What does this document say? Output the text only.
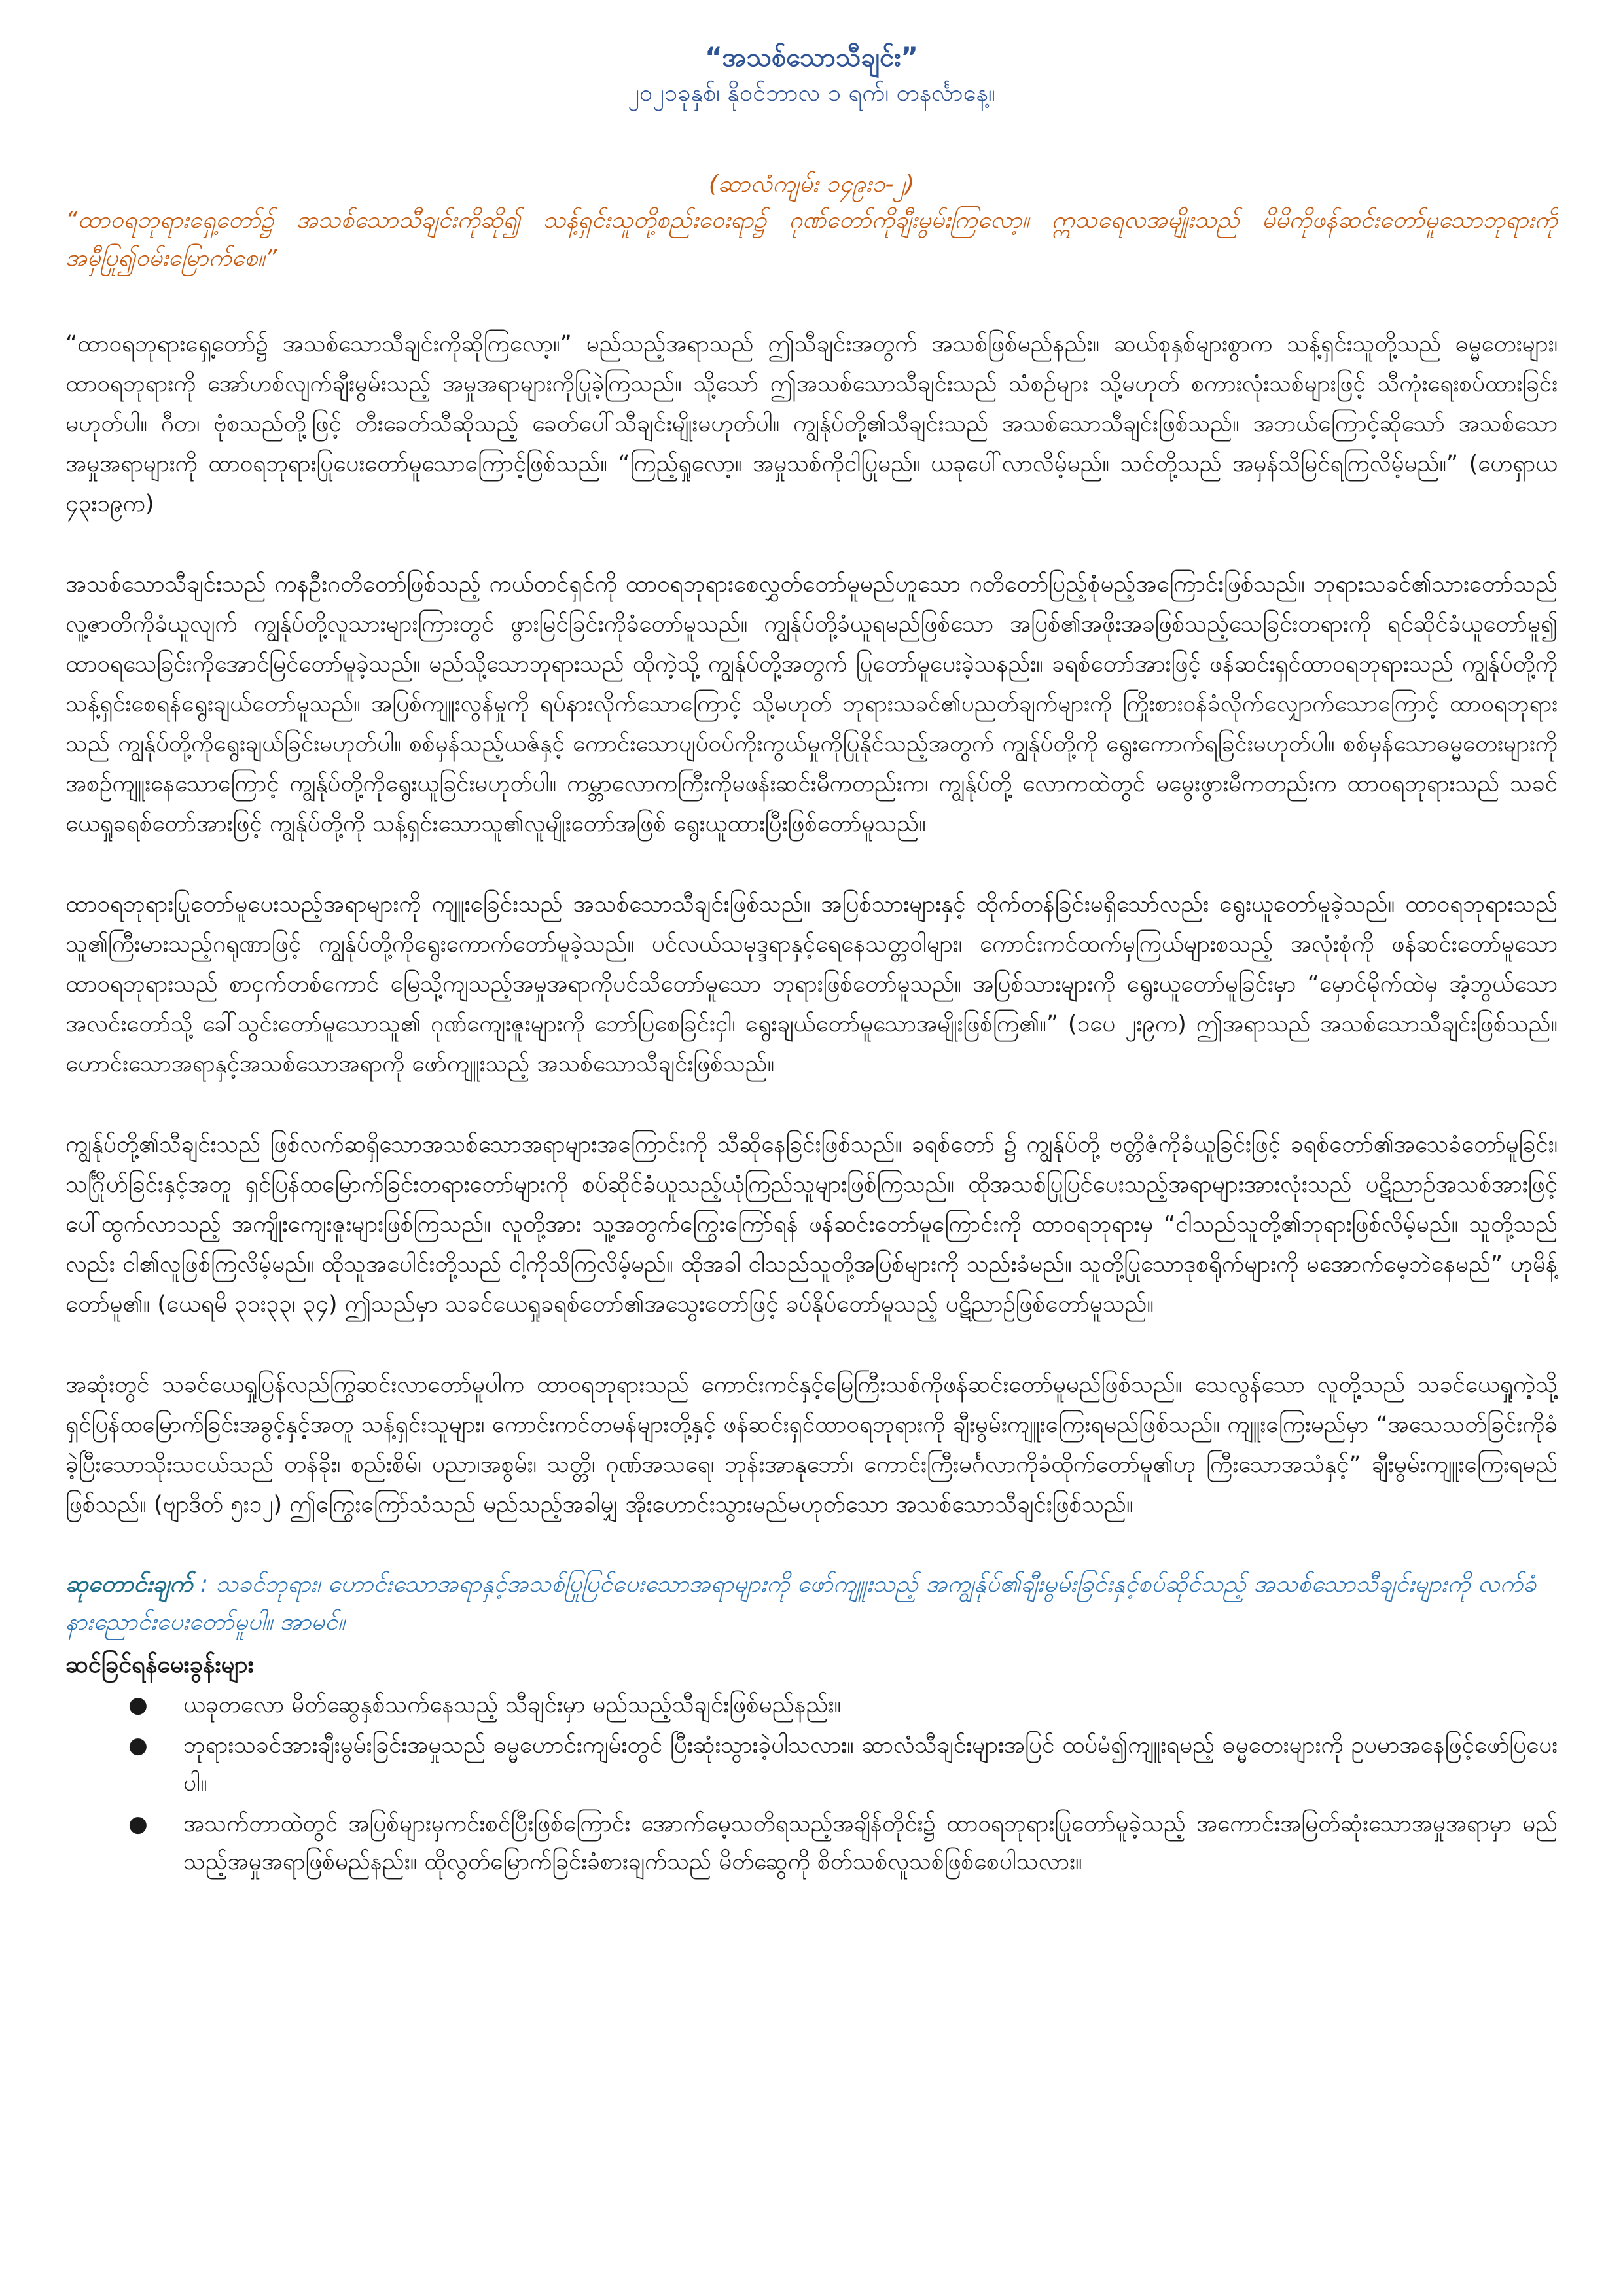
“အသစ်သောသီချင်း”

၂၀၂၁ခုနှစ်၊ နိုဝင်ဘာလ ၁ ရက်၊ တနင်္လာနေ့။

(ဆာလံကျမ်း ၁၄၉း၁-၂)

“ထာဝရဘုရားရှေ့တော်၌ အသစ်သောသီချင်းကိုဆို၍ သန့်ရှင်းသူတို့စည်းဝေးရာ၌ ဂုဏ်တော်ကိုချီးမွမ်းကြလော့။ ဣသရေလအမျိုးသည် မိမိကိုဖန်ဆင်းတော်မူသောဘုရားကို အမှီပြု၍ဝမ်းမြောက်စေ။”

“ထာဝရဘုရားရှေ့တော်၌ အသစ်သောသီချင်းကိုဆိုကြလော့။” မည်သည့်အရာသည် ဤသီချင်းအတွက် အသစ်ဖြစ်မည်နည်း။ ဆယ်စုနှစ်များစွာက သန့်ရှင်းသူတို့သည် ဓမ္မတေးများ၊ ထာဝရဘုရားကို အော်ဟစ်လျက်ချီးမွမ်းသည့် အမှုအရာများကိုပြုခဲ့ကြသည်။ သို့သော် ဤအသစ်သောသီချင်းသည် သံစဉ်များ သို့မဟုတ် စကားလုံးသစ်များဖြင့် သီကုံးရေးစပ်ထားခြင်းမဟုတ်ပါ။ ဂီတ၊ ဗုံစသည်တို့ဖြင့် တီးခေတ်သီဆိုသည့် ခေတ်ပေါ်သီချင်းမျိုးမဟုတ်ပါ။ ကျွန်ုပ်တို့၏သီချင်းသည် အသစ်သောသီချင်းဖြစ်သည်။ အဘယ်ကြောင့်ဆိုသော် အသစ်သောအမှုအရာများကို ထာဝရဘုရားပြုပေးတော်မူသောကြောင့်ဖြစ်သည်။ “ကြည့်ရှုလော့။ အမှုသစ်ကိုငါပြုမည်။ ယခုပေါ်လာလိမ့်မည်။ သင်တို့သည် အမှန်သိမြင်ရကြလိမ့်မည်။” (ဟေရှာယ ၄၃း၁၉က)

အသစ်သောသီချင်းသည် ကနဦးဂတိတော်ဖြစ်သည့် ကယ်တင်ရှင်ကို ထာဝရဘုရားစေလွှတ်တော်မူမည်ဟူသော ဂတိတော်ပြည့်စုံမည့်အကြောင်းဖြစ်သည်။ ဘုရားသခင်၏သားတော်သည် လူ့ဇာတိကိုခံယူလျက် ကျွန်ုပ်တို့လူသားများကြားတွင် ဖွားမြင်ခြင်းကိုခံတော်မူသည်။ ကျွန်ုပ်တို့ခံယူရမည်ဖြစ်သော အပြစ်၏အဖိုးအခဖြစ်သည့်သေခြင်းတရားကို ရင်ဆိုင်ခံယူတော်မူ၍ ထာဝရသေခြင်းကိုအောင်မြင်တော်မူခဲ့သည်။ မည်သို့သောဘုရားသည် ထိုကဲ့သို့ ကျွန်ုပ်တို့အတွက် ပြုတော်မူပေးခဲ့သနည်း။ ခရစ်တော်အားဖြင့် ဖန်ဆင်းရှင်ထာဝရဘုရားသည် ကျွန်ုပ်တို့ကို သန့်ရှင်းစေရန်ရွေးချယ်တော်မူသည်။ အပြစ်ကျူးလွန်မှုကို ရပ်နားလိုက်သောကြောင့် သို့မဟုတ် ဘုရားသခင်၏ပညတ်ချက်များကို ကြိုးစားဝန်ခံလိုက်လျှောက်သောကြောင့် ထာဝရဘုရားသည် ကျွန်ုပ်တို့ကိုရွေးချယ်ခြင်းမဟုတ်ပါ။ စစ်မှန်သည့်ယဇ်နှင့် ကောင်းသောပျပ်ဝပ်ကိုးကွယ်မှုကိုပြုနိုင်သည့်အတွက် ကျွန်ုပ်တို့ကို ရွေးကောက်ရခြင်းမဟုတ်ပါ။ စစ်မှန်သောဓမ္မတေးများကို အစဉ်ကျူးနေသောကြောင့် ကျွန်ုပ်တို့ကိုရွေးယူခြင်းမဟုတ်ပါ။ ကမ္ဘာလောကကြီးကိုမဖန်းဆင်းမီကတည်းက၊ ကျွန်ုပ်တို့ လောကထဲတွင် မမွေးဖွားမီကတည်းက ထာဝရဘုရားသည် သခင်ယေရှုခရစ်တော်အားဖြင့် ကျွန်ုပ်တို့ကို သန့်ရှင်းသောသူ၏လူမျိုးတော်အဖြစ် ရွေးယူထားပြီးဖြစ်တော်မူသည်။

ထာဝရဘုရားပြုတော်မူပေးသည့်အရာများကို ကျူးခြေင်းသည် အသစ်သောသီချင်းဖြစ်သည်။ အပြစ်သားများနှင့် ထိုက်တန်ခြင်းမရှိသော်လည်း ရွေးယူတော်မူခဲ့သည်။ ထာဝရဘုရားသည် သူ၏ကြီးမားသည့်ဂရုဏာဖြင့် ကျွန်ုပ်တို့ကိုရွေးကောက်တော်မူခဲ့သည်။ ပင်လယ်သမုဒ္ဒရာနှင့်ရေနေသတ္တဝါများ၊ ကောင်းကင်ထက်မှကြယ်များစသည့် အလုံးစုံကို ဖန်ဆင်းတော်မူသောထာဝရဘုရားသည် စာငှက်တစ်ကောင် မြေသို့ကျသည့်အမှုအရာကိုပင်သိတော်မူသော ဘုရားဖြစ်တော်မူသည်။ အပြစ်သားများကို ရွေးယူတော်မူခြင်းမှာ “မှောင်မိုက်ထဲမှ အံ့ဘွယ်သောအလင်းတော်သို့ ခေါ်သွင်းတော်မူသောသူ၏ ဂုဏ်ကျေးဇူးများကို ဘော်ပြစေခြင်းငှါ၊ ရွေးချယ်တော်မူသောအမျိုးဖြစ်ကြ၏။” (၁ပေ ၂း၉က) ဤအရာသည် အသစ်သောသီချင်းဖြစ်သည်။ ဟောင်းသောအရာနှင့်အသစ်သောအရာကို ဖော်ကျူးသည့် အသစ်သောသီချင်းဖြစ်သည်။

ကျွန်ုပ်တို့၏သီချင်းသည် ဖြစ်လက်ဆရှိသောအသစ်သောအရာများအကြောင်းကို သီဆိုနေခြင်းဖြစ်သည်။ ခရစ်တော် ၌ ကျွန်ုပ်တို့ ဗတ္တိဇံကိုခံယူခြင်းဖြင့် ခရစ်တော်၏အသေခံတော်မူခြင်း၊ သင်္ဂြိုဟ်ခြင်းနှင့်အတူ ရှင်ပြန်ထမြောက်ခြင်းတရားတော်များကို စပ်ဆိုင်ခံယူသည့်ယုံကြည်သူများဖြစ်ကြသည်။ ထိုအသစ်ပြုပြင်ပေးသည့်အရာများအားလုံးသည် ပဋိညာဉ်အသစ်အားဖြင့်ပေါ်ထွက်လာသည့် အကျိုးကျေးဇူးများဖြစ်ကြသည်။ လူတို့အား သူ့အတွက်ကြွေးကြော်ရန် ဖန်ဆင်းတော်မူကြောင်းကို ထာဝရဘုရားမှ “ငါသည်သူတို့၏ဘုရားဖြစ်လိမ့်မည်။ သူတို့သည်လည်း ငါ၏လူဖြစ်ကြလိမ့်မည်။ ထိုသူအပေါင်းတို့သည် ငါ့ကိုသိကြလိမ့်မည်။ ထိုအခါ ငါသည်သူတို့အပြစ်များကို သည်းခံမည်။ သူတို့ပြုသောဒုစရိုက်များကို မအောက်မေ့ဘဲနေမည်” ဟုမိန့်တော်မူ၏။ (ယေရမိ ၃၁း၃၃၊ ၃၄) ဤသည်မှာ သခင်ယေရှုခရစ်တော်၏အသွေးတော်ဖြင့် ခပ်နိုပ်တော်မူသည့် ပဋိညာဉ်ဖြစ်တော်မူသည်။

အဆုံးတွင် သခင်ယေရှုပြန်လည်ကြွဆင်းလာတော်မူပါက ထာဝရဘုရားသည် ကောင်းကင်နှင့်မြေကြီးသစ်ကိုဖန်ဆင်းတော်မူမည်ဖြစ်သည်။ သေလွန်သော လူတို့သည် သခင်ယေရှုကဲ့သို့ ရှင်ပြန်ထမြောက်ခြင်းအခွင့်နှင့်အတူ သန့်ရှင်းသူများ၊ ကောင်းကင်တမန်များတို့နှင့် ဖန်ဆင်းရှင်ထာဝရဘုရားကို ချီးမွမ်းကျူးကြေးရမည်ဖြစ်သည်။ ကျူးကြေးမည်မှာ “အသေသတ်ခြင်းကိုခံခဲ့ပြီးသောသိုးသငယ်သည် တန်ခိုး၊ စည်းစိမ်၊ ပညာ၊အစွမ်း၊ သတ္တိ၊ ဂုဏ်အသရေ၊ ဘုန်းအာနုဘော်၊ ကောင်းကြီးမင်္ဂလာကိုခံထိုက်တော်မူ၏ဟု ကြီးသောအသံနှင့်” ချီးမွမ်းကျူးကြေးရမည်ဖြစ်သည်။ (ဗျာဒိတ် ၅း၁၂) ဤကြွေးကြော်သံသည် မည်သည့်အခါမျှ အိုးဟောင်းသွားမည်မဟုတ်သော အသစ်သောသီချင်းဖြစ်သည်။

ဆုတောင်းချက် : သခင်ဘုရား၊ ဟောင်းသောအရာနှင့်အသစ်ပြုပြင်ပေးသောအရာများကို ဖော်ကျူးသည့် အကျွန်ုပ်၏ချီးမွမ်းခြင်းနှင့်စပ်ဆိုင်သည့် အသစ်သောသီချင်းများကို လက်ခံနားညောင်းပေးတော်မူပါ။ အာမင်။

ဆင်ခြင်ရန်မေးခွန်းများ

● ယခုတလော မိတ်ဆွေနှစ်သက်နေသည့် သီချင်းမှာ မည်သည့်သီချင်းဖြစ်မည်နည်း။
● ဘုရားသခင်အားချီးမွမ်းခြင်းအမှုသည် ဓမ္မဟောင်းကျမ်းတွင် ပြီးဆုံးသွားခဲ့ပါသလား။ ဆာလံသီချင်းများအပြင် ထပ်မံ၍ကျူးရမည့် ဓမ္မတေးများကို ဥပမာအနေဖြင့်ဖော်ပြပေးပါ။
● အသက်တာထဲတွင် အပြစ်များမှကင်းစင်ပြီးဖြစ်ကြောင်း အောက်မေ့သတိရသည့်အချိန်တိုင်း၌ ထာဝရဘုရားပြုတော်မူခဲ့သည့် အကောင်းအမြတ်ဆုံးသောအမှုအရာမှာ မည်သည့်အမှုအရာဖြစ်မည်နည်း။ ထိုလွတ်မြောက်ခြင်းခံစားချက်သည် မိတ်ဆွေကို စိတ်သစ်လူသစ်ဖြစ်စေပါသလား။
